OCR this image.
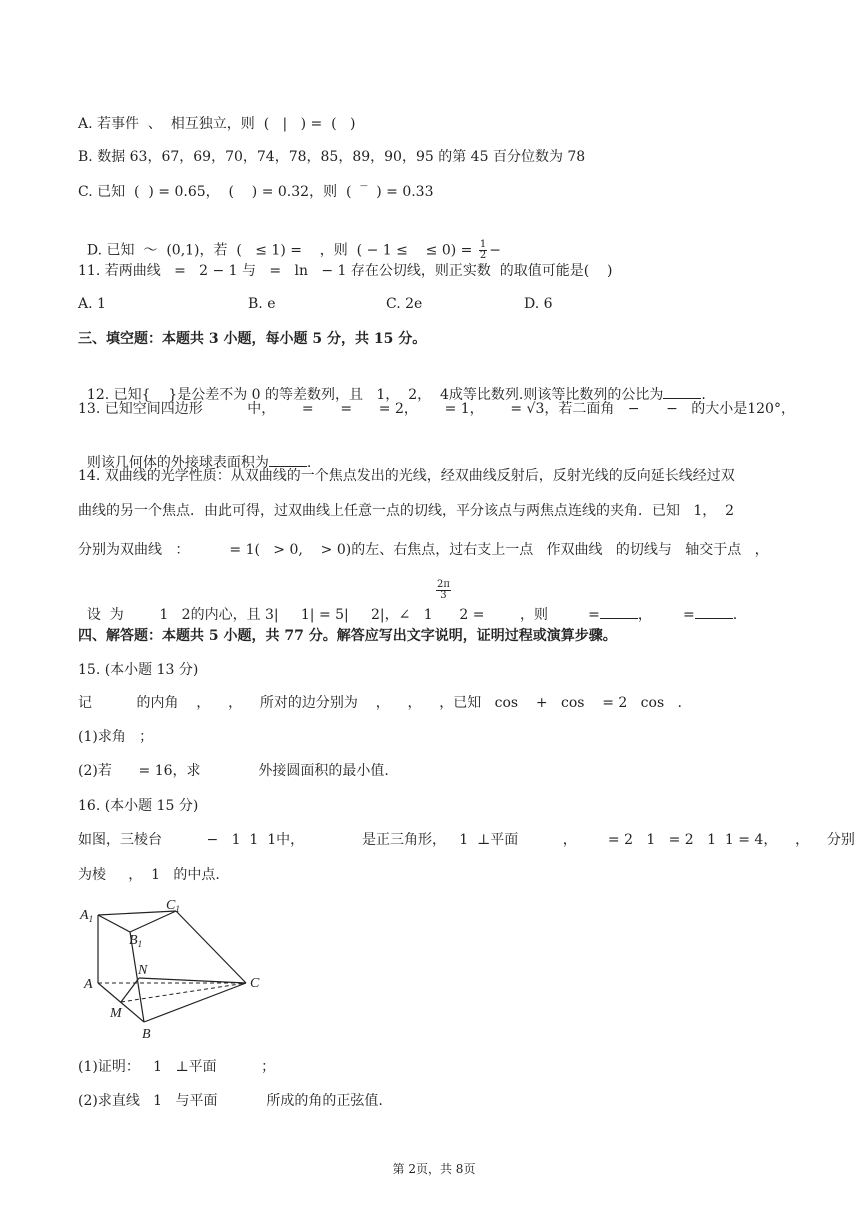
A. 若事件  、  相互独立，则  (   |   ) =  (   )
B. 数据 63，67，69，70，74，78，85，89，90，95 的第 45 百分位数为 78
C. 已知  (  ) = 0.65，  (    ) = 0.32，则  (  ‾  ) = 0.33

D. 已知  ～  (0,1)，若  (   ≤ 1) =    ，则  ( − 1 ≤    ≤ $0) = \frac{1}{2}$ −

11. 若两曲线   =   2 − 1 与   =   ln   − 1 存在公切线，则正实数  的取值可能是(    )
A. 1	B. e	C. 2e	D. 6
三、填空题：本题共 3 小题，每小题 5 分，共 15 分。

12. 已知{    }是公差不为 0 的等差数列，且   1，  2，  4成等比数列.则该等比数列的公比为	.

13. 已知空间四边形          中，      =      =      = 2，      = 1，      = √3，若二面角   −      −   的大小是120°，

则该几何体的外接球表面积为	.

14. 双曲线的光学性质：从双曲线的一个焦点发出的光线，经双曲线反射后，反射光线的反向延长线经过双
曲线的另一个焦点．由此可得，过双曲线上任意一点的切线，平分该点与两焦点连线的夹角．已知   1，  2
分别为双曲线   ：         = 1(   > 0,    > 0)的左、右焦点，过右支上一点   作双曲线   的切线与   轴交于点   ，

设  为        1   2的内心，且 3|     1| = 5|     2|，∠   1      2 =        ，则         =	，       =	.

$\frac{2\pi}{3}$
四、解答题：本题共 5 小题，共 77 分。解答应写出文字说明，证明过程或演算步骤。
15. (本小题 13 分)
记          的内角    ，    ，    所对的边分别为    ，    ，    ，已知   cos    +   cos    = 2   cos   .
(1)求角   ；
(2)若      = 16，求             外接圆面积的最小值.
16. (本小题 15 分)
如图，三棱台          −   1  1  1中，             是正三角形，   1  ⊥平面          ，       = 2   1   = 2   1  1 = 4，    ，    分别
为棱     ，  1   的中点.
$A_1$
$C_1$
$B_1$
N
A	C
M
B
(1)证明：   1   ⊥平面          ；
(2)求直线   1   与平面           所成的角的正弦值.
第 2页，共 8页
